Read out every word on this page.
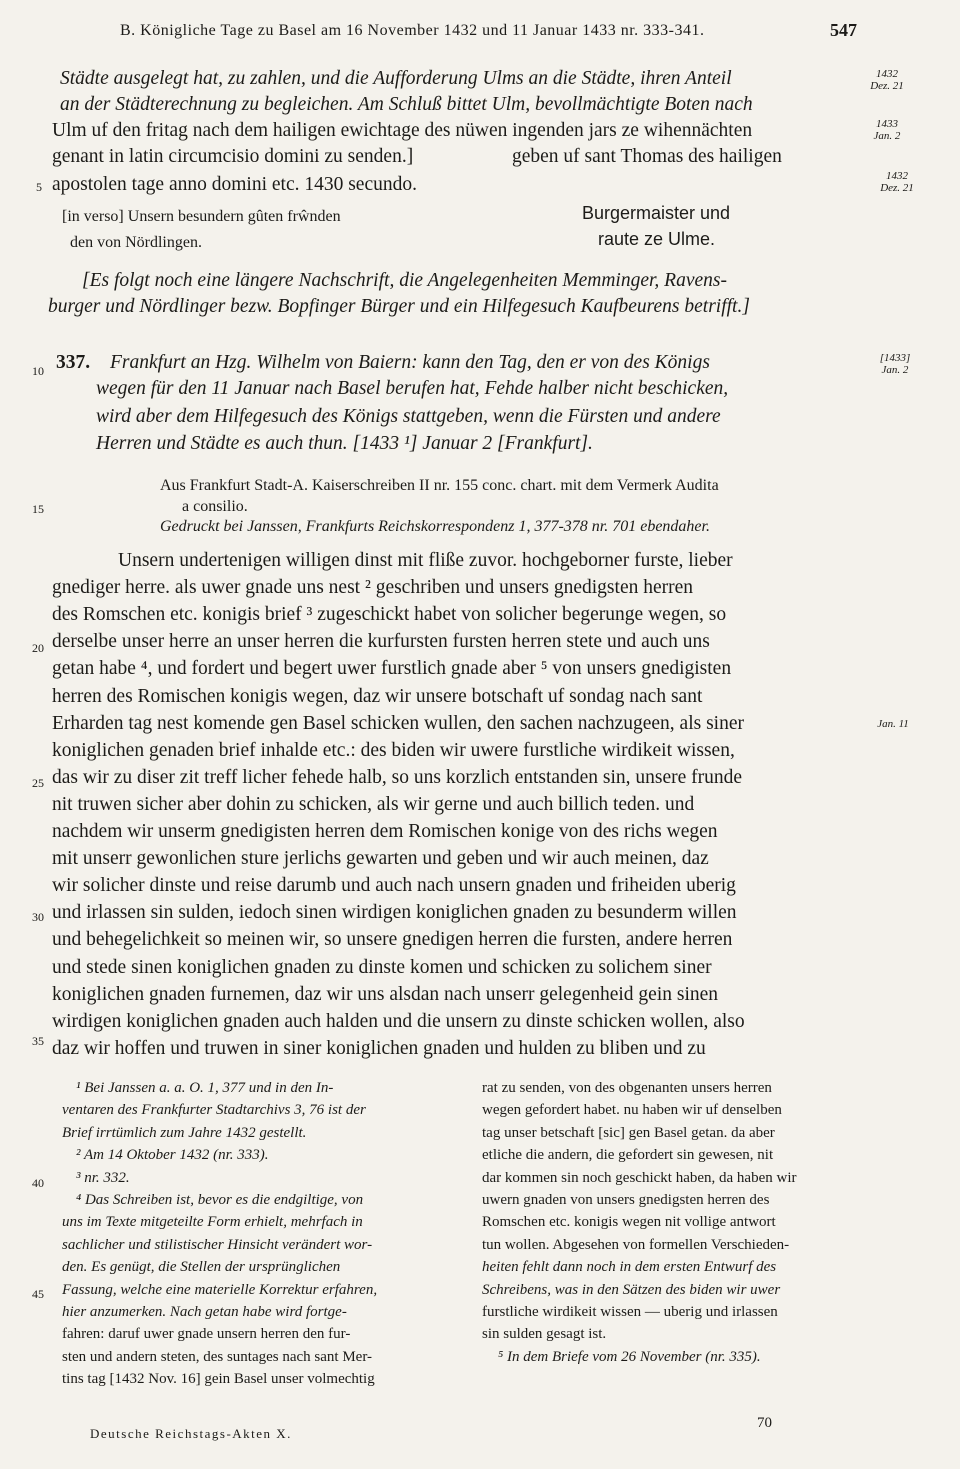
B. Königliche Tage zu Basel am 16 November 1432 und 11 Januar 1433 nr. 333-341.	547
Städte ausgelegt hat, zu zahlen, und die Aufforderung Ulms an die Städte, ihren Anteil
an der Städterechnung zu begleichen. Am Schluß bittet Ulm, bevollmächtigte Boten nach
Ulm uf den fritag nach dem hailigen ewichtage des nüwen ingenden jars ze wihennächten
genant in latin circumcisio domini zu senden.]	geben uf sant Thomas des hailigen
apostolen tage anno domini etc. 1430 secundo.
[in verso] Unsern besundern gûten frŵnden
den von Nördlingen.
Burgermaister und
raute ze Ulme.
[Es folgt noch eine längere Nachschrift, die Angelegenheiten Memminger, Ravens-
burger und Nördlinger bezw. Bopfinger Bürger und ein Hilfegesuch Kaufbeurens betrifft.]
1432
Dez. 21
1433
Jan. 2
1432
Dez. 21
[1433]
Jan. 2
Jan. 11
5
10
15
20
25
30
35
40
45
337. Frankfurt an Hzg. Wilhelm von Baiern: kann den Tag, den er von des Königs
wegen für den 11 Januar nach Basel berufen hat, Fehde halber nicht beschicken,
wird aber dem Hilfegesuch des Königs stattgeben, wenn die Fürsten und andere
Herren und Städte es auch thun. [1433 ¹] Januar 2 [Frankfurt].
Aus Frankfurt Stadt-A. Kaiserschreiben II nr. 155 conc. chart. mit dem Vermerk Audita
a consilio.
Gedruckt bei Janssen, Frankfurts Reichskorrespondenz 1, 377-378 nr. 701 ebendaher.
Unsern undertenigen willigen dinst mit fliße zuvor. hochgeborner furste, lieber
gnediger herre. als uwer gnade uns nest ² geschriben und unsers gnedigsten herren
des Romschen etc. konigis brief ³ zugeschickt habet von solicher begerunge wegen, so
derselbe unser herre an unser herren die kurfursten fursten herren stete und auch uns
getan habe ⁴, und fordert und begert uwer furstlich gnade aber ⁵ von unsers gnedigisten
herren des Romischen konigis wegen, daz wir unsere botschaft uf sondag nach sant
Erharden tag nest komende gen Basel schicken wullen, den sachen nachzugeen, als siner
koniglichen genaden brief inhalde etc.: des biden wir uwere furstliche wirdikeit wissen,
das wir zu diser zit treff licher fehede halb, so uns korzlich entstanden sin, unsere frunde
nit truwen sicher aber dohin zu schicken, als wir gerne und auch billich teden. und
nachdem wir unserm gnedigisten herren dem Romischen konige von des richs wegen
mit unserr gewonlichen sture jerlichs gewarten und geben und wir auch meinen, daz
wir solicher dinste und reise darumb und auch nach unsern gnaden und friheiden uberig
und irlassen sin sulden, iedoch sinen wirdigen koniglichen gnaden zu besunderm willen
und behegelichkeit so meinen wir, so unsere gnedigen herren die fursten, andere herren
und stede sinen koniglichen gnaden zu dinste komen und schicken zu solichem siner
koniglichen gnaden furnemen, daz wir uns alsdan nach unserr gelegenheid gein sinen
wirdigen koniglichen gnaden auch halden und die unsern zu dinste schicken wollen, also
daz wir hoffen und truwen in siner koniglichen gnaden und hulden zu bliben und zu
¹ Bei Janssen a. a. O. 1, 377 und in den In-
ventaren des Frankfurter Stadtarchivs 3, 76 ist der
Brief irrtümlich zum Jahre 1432 gestellt.
² Am 14 Oktober 1432 (nr. 333).
³ nr. 332.
⁴ Das Schreiben ist, bevor es die endgiltige, von
uns im Texte mitgeteilte Form erhielt, mehrfach in
sachlicher und stilistischer Hinsicht verändert wor-
den. Es genügt, die Stellen der ursprünglichen
Fassung, welche eine materielle Korrektur erfahren,
hier anzumerken. Nach getan habe wird fortge-
fahren: daruf uwer gnade unsern herren den fur-
sten und andern steten, des suntages nach sant Mer-
tins tag [1432 Nov. 16] gein Basel unser volmechtig
rat zu senden, von des obgenanten unsers herren
wegen gefordert habet. nu haben wir uf denselben
tag unser betschaft [sic] gen Basel getan. da aber
etliche die andern, die gefordert sin gewesen, nit
dar kommen sin noch geschickt haben, da haben wir
uwern gnaden von unsers gnedigsten herren des
Romschen etc. konigis wegen nit vollige antwort
tun wollen. Abgesehen von formellen Verschieden-
heiten fehlt dann noch in dem ersten Entwurf des
Schreibens, was in den Sätzen des biden wir uwer
furstliche wirdikeit wissen — uberig und irlassen
sin sulden gesagt ist.
⁵ In dem Briefe vom 26 November (nr. 335).
Deutsche Reichstags-Akten X.
70
